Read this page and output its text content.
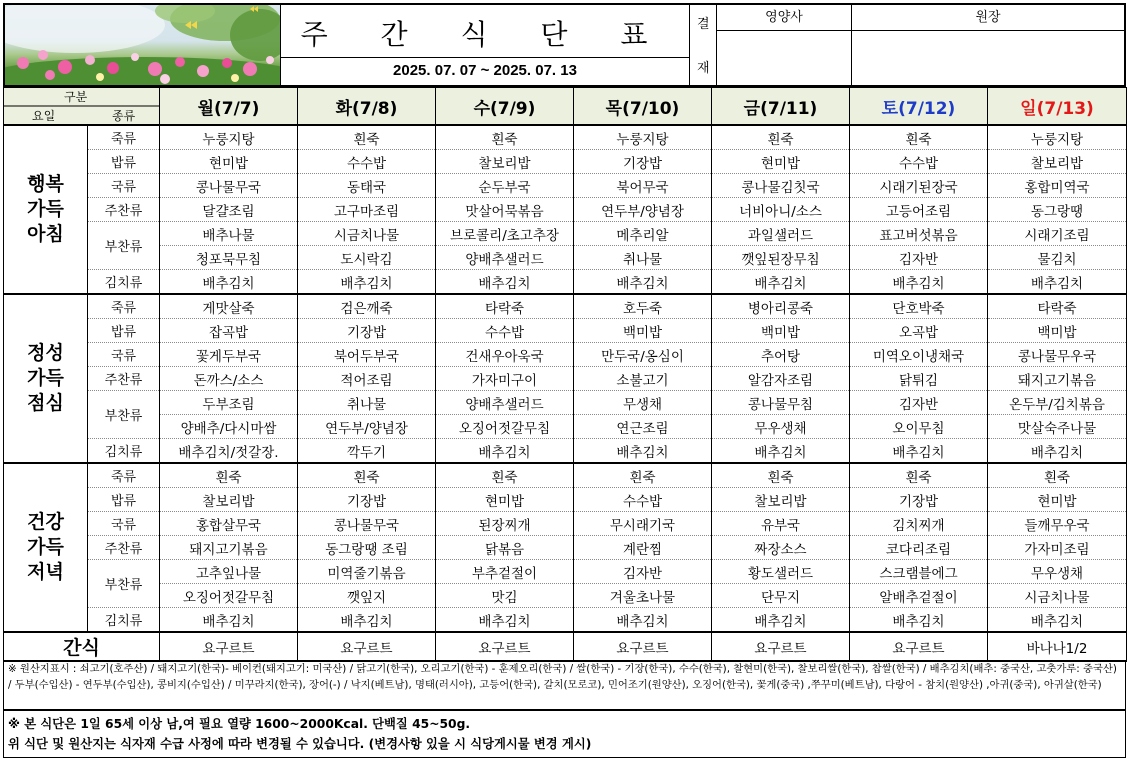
주 간 식 단 표
2025. 07. 07 ~ 2025. 07. 13
결
재
영양사	원장
구분
요일 종류		월(7/7)	화(7/8)	수(7/9)	목(7/10)	금(7/11)	토(7/12)	일(7/13)
행복
가득
아침	죽류	누룽지탕	흰죽	흰죽	누룽지탕	흰죽	흰죽	누룽지탕
	밥류	현미밥	수수밥	찰보리밥	기장밥	현미밥	수수밥	찰보리밥
	국류	콩나물무국	동태국	순두부국	북어무국	콩나물김칫국	시래기된장국	홍합미역국
	주찬류	달걀조림	고구마조림	맛살어묵볶음	연두부/양념장	너비아니/소스	고등어조림	동그랑땡
	부찬류	배추나물	시금치나물	브로콜리/초고추장	메추리알	과일샐러드	표고버섯볶음	시래기조림
		청포묵무침	도시락김	양배추샐러드	취나물	깻잎된장무침	김자반	물김치
	김치류	배추김치	배추김치	배추김치	배추김치	배추김치	배추김치	배추김치
정성
가득
점심	죽류	게맛살죽	검은깨죽	타락죽	호두죽	병아리콩죽	단호박죽	타락죽
	밥류	잡곡밥	기장밥	수수밥	백미밥	백미밥	오곡밥	백미밥
	국류	꽃게두부국	북어두부국	건새우아욱국	만두국/옹심이	추어탕	미역오이냉채국	콩나물무우국
	주찬류	돈까스/소스	적어조림	가자미구이	소불고기	알감자조림	닭튀김	돼지고기볶음
	부찬류	두부조림	취나물	양배추샐러드	무생채	콩나물무침	김자반	온두부/김치볶음
		양배추/다시마쌈	연두부/양념장	오징어젓갈무침	연근조림	무우생채	오이무침	맛살숙주나물
	김치류	배추김치/젓갈장.	깍두기	배추김치	배추김치	배추김치	배추김치	배추김치
건강
가득
저녁	죽류	흰죽	흰죽	흰죽	흰죽	흰죽	흰죽	흰죽
	밥류	찰보리밥	기장밥	현미밥	수수밥	찰보리밥	기장밥	현미밥
	국류	홍합살무국	콩나물무국	된장찌개	무시래기국	유부국	김치찌개	들깨무우국
	주찬류	돼지고기볶음	동그랑땡 조림	닭볶음	계란찜	짜장소스	코다리조림	가자미조림
	부찬류	고추잎나물	미역줄기볶음	부추겉절이	김자반	황도샐러드	스크램블에그	무우생채
		오징어젓갈무침	깻잎지	맛김	겨울초나물	단무지	알배추겉절이	시금치나물
	김치류	배추김치	배추김치	배추김치	배추김치	배추김치	배추김치	배추김치
간식		요구르트	요구르트	요구르트	요구르트	요구르트	요구르트	바나나1/2
※ 원산지표시 : 쇠고기(호주산) / 돼지고기(한국)- 베이컨(돼지고기: 미국산) / 닭고기(한국), 오리고기(한국) - 훈제오리(한국) / 쌀(한국) - 기장(한국), 수수(한국), 찰현미(한국), 찰보리쌀(한국), 찹쌀(한국) / 배추김치(배추: 중국산, 고춧가루: 중국산) / 두부(수입산) - 연두부(수입산), 콩비지(수입산) / 미꾸라지(한국), 장어(-) / 낙지(베트남), 명태(러시아), 고등어(한국), 갈치(모로코), 민어조기(원양산), 오징어(한국), 꽃게(중국) ,쭈꾸미(베트남), 다랑어 - 참치(원양산) ,아귀(중국), 아귀살(한국)
※ 본 식단은 1일 65세 이상 남,여 필요 열량 1600~2000Kcal. 단백질 45~50g.
위 식단 및 원산지는 식자재 수급 사정에 따라 변경될 수 있습니다. (변경사항 있을 시 식당게시물 변경 게시)
